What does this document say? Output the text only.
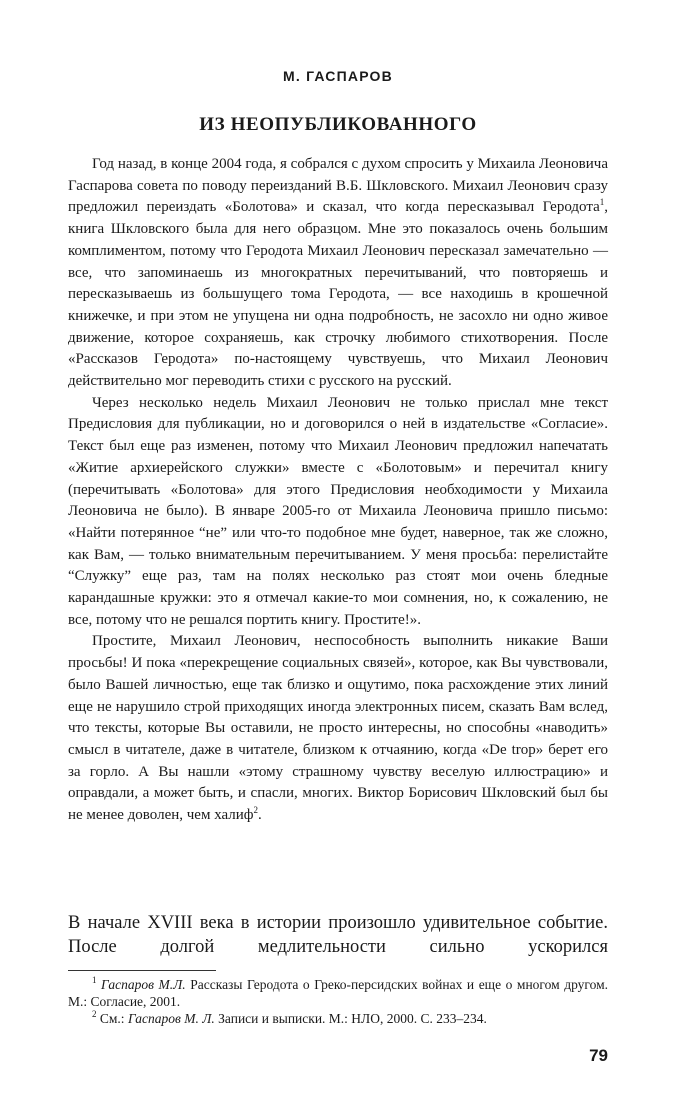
М. ГАСПАРОВ
ИЗ НЕОПУБЛИКОВАННОГО

Год назад, в конце 2004 года, я собрался с духом спросить у Михаила Леоновича Гаспарова совета по поводу переизданий В.Б. Шкловского. Михаил Леонович сразу предложил переиздать «Болотова» и сказал, что когда пересказывал Геродота$^1$, книга Шкловского была для него образцом. Мне это показалось очень большим комплиментом, потому что Геродота Михаил Леонович пересказал замечательно — все, что запоминаешь из многократных перечитываний, что повторяешь и пересказываешь из большущего тома Геродота, — все находишь в крошечной книжечке, и при этом не упущена ни одна подробность, не засохло ни одно живое движение, которое сохраняешь, как строчку любимого стихотворения. После «Рассказов Геродота» по-настоящему чувствуешь, что Михаил Леонович действительно мог переводить стихи с русского на русский.

Через несколько недель Михаил Леонович не только прислал мне текст Предисловия для публикации, но и договорился о ней в издательстве «Согласие». Текст был еще раз изменен, потому что Михаил Леонович предложил напечатать «Житие архиерейского служки» вместе с «Болотовым» и перечитал книгу (перечитывать «Болотова» для этого Предисловия необходимости у Михаила Леоновича не было). В январе 2005-го от Михаила Леоновича пришло письмо: «Найти потерянное “не” или что-то подобное мне будет, наверное, так же сложно, как Вам, — только внимательным перечитыванием. У меня просьба: перелистайте “Служку” еще раз, там на полях несколько раз стоят мои очень бледные карандашные кружки: это я отмечал какие-то мои сомнения, но, к сожалению, не все, потому что не решался портить книгу. Простите!».

Простите, Михаил Леонович, неспособность выполнить никакие Ваши просьбы! И пока «перекрещение социальных связей», которое, как Вы чувствовали, было Вашей личностью, еще так близко и ощутимо, пока расхождение этих линий еще не нарушило строй приходящих иногда электронных писем, сказать Вам вслед, что тексты, которые Вы оставили, не просто интересны, но способны «наводить» смысл в читателе, даже в читателе, близком к отчаянию, когда «De trop» берет его за горло. А Вы нашли «этому страшному чувству веселую иллюстрацию» и оправдали, а может быть, и спасли, многих. Виктор Борисович Шкловский был бы не менее доволен, чем халиф$^2$.

В начале XVIII века в истории произошло удивительное событие. После долгой медлительности сильно ускорился

$^1$ Гаспаров М.Л. Рассказы Геродота о Греко-персидских войнах и еще о многом другом. М.: Согласие, 2001.

$^2$ См.: Гаспаров М. Л. Записи и выписки. М.: НЛО, 2000. С. 233–234.

79
